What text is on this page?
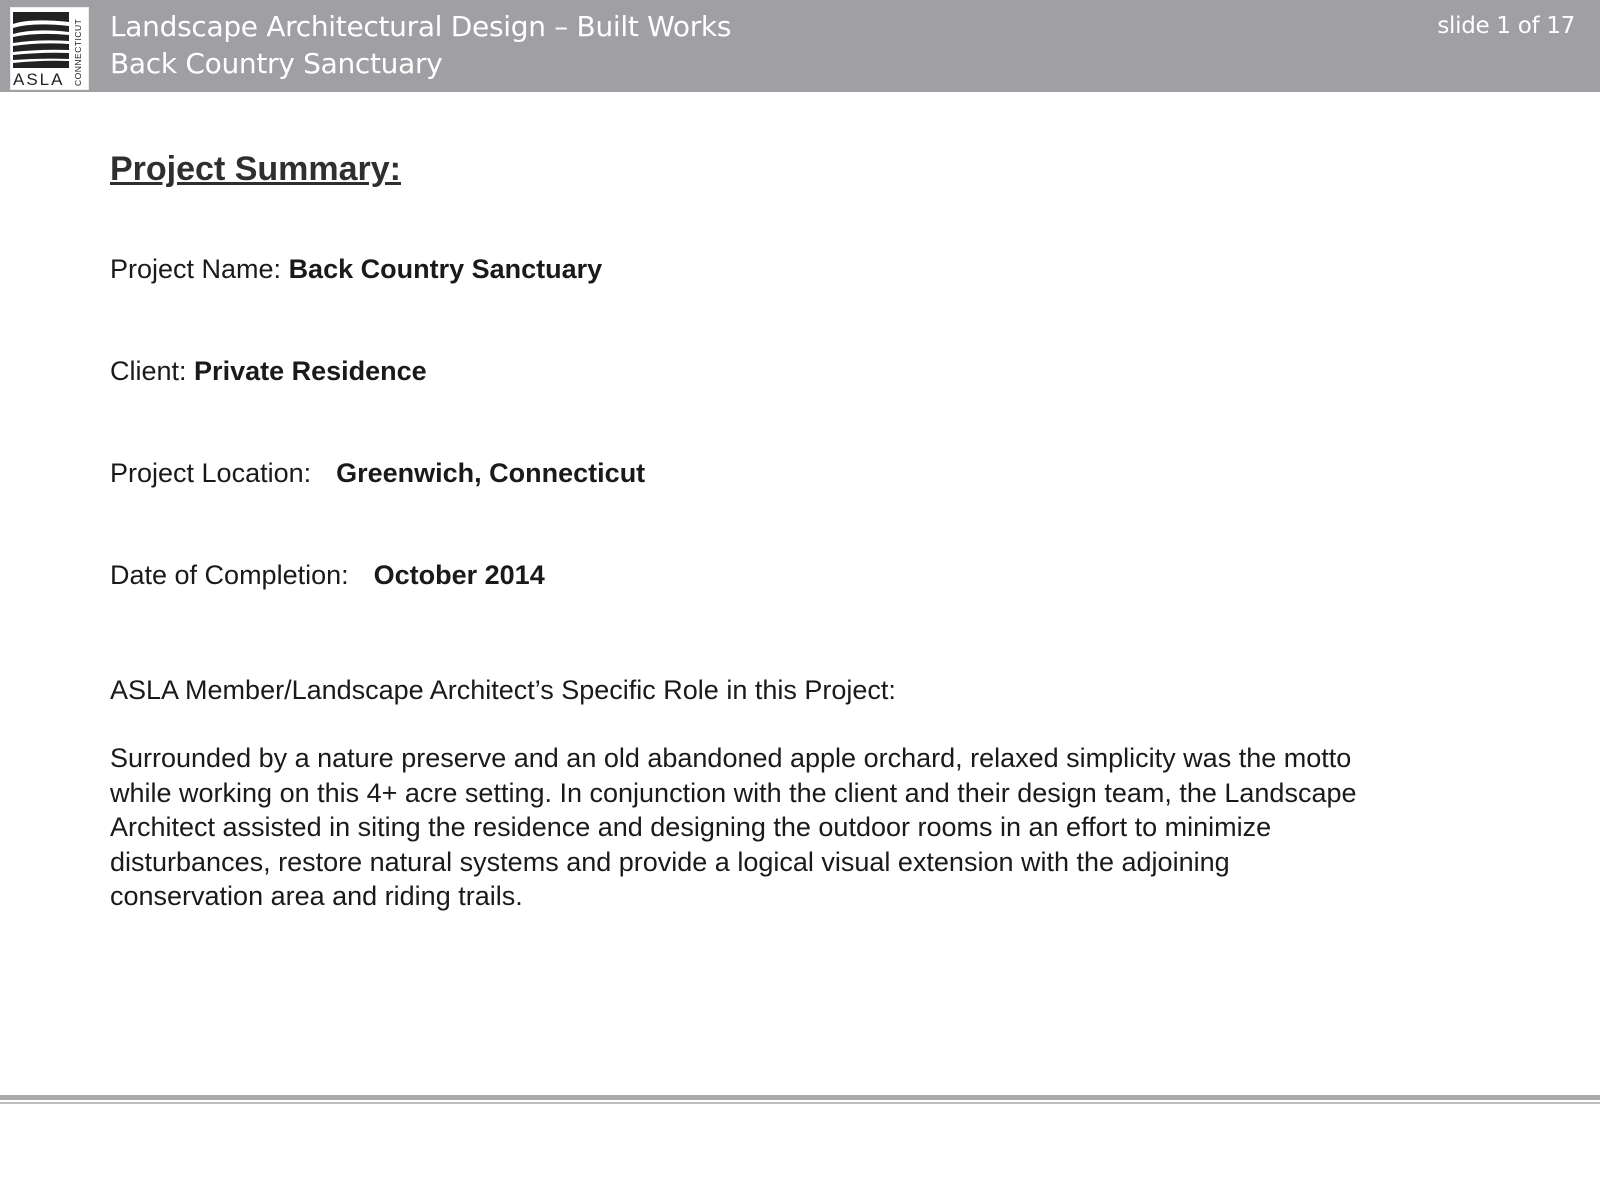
ASLA CONNECTICUT Landscape Architectural Design – Built Works
Back Country Sanctuary
slide 1 of 17
Project Summary:
Project Name: Back Country Sanctuary
Client: Private Residence
Project Location: Greenwich, Connecticut
Date of Completion: October 2014
ASLA Member/Landscape Architect’s Specific Role in this Project:
Surrounded by a nature preserve and an old abandoned apple orchard, relaxed simplicity was the motto
while working on this 4+ acre setting. In conjunction with the client and their design team, the Landscape
Architect assisted in siting the residence and designing the outdoor rooms in an effort to minimize
disturbances, restore natural systems and provide a logical visual extension with the adjoining
conservation area and riding trails.
